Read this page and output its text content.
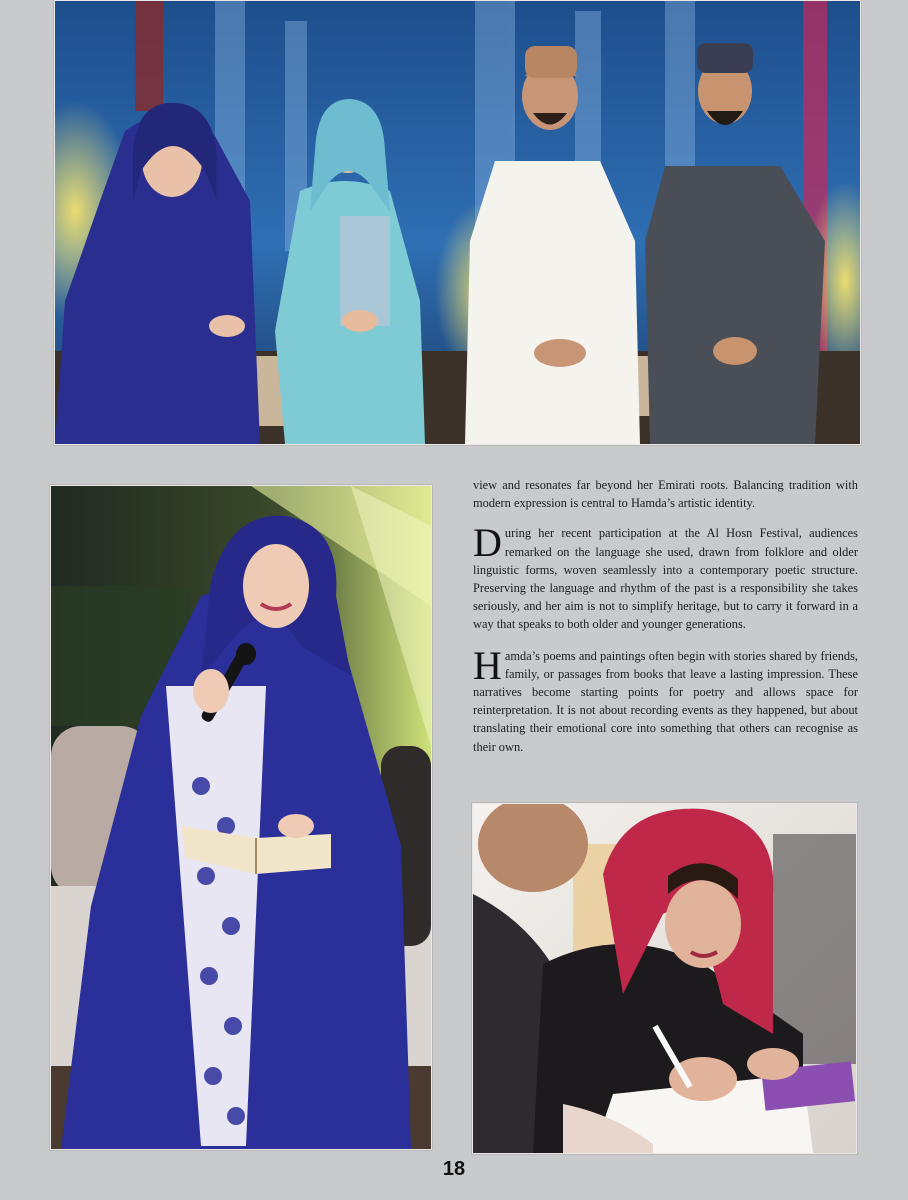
view and resonates far beyond her Emirati roots. Balancing tradition with modern expression is central to Hamda’s artistic identity.

During her recent participation at the Al Hosn Festival, audiences remarked on the language she used, drawn from folklore and older linguistic forms, woven seamlessly into a contemporary poetic structure. Preserving the language and rhythm of the past is a responsibility she takes seriously, and her aim is not to simplify heritage, but to carry it forward in a way that speaks to both older and younger generations.

Hamda’s poems and paintings often begin with stories shared by friends, family, or passages from books that leave a lasting impression. These narratives become starting points for poetry and allows space for reinterpretation. It is not about recording events as they happened, but about translating their emotional core into something that others can recognise as their own.

18
